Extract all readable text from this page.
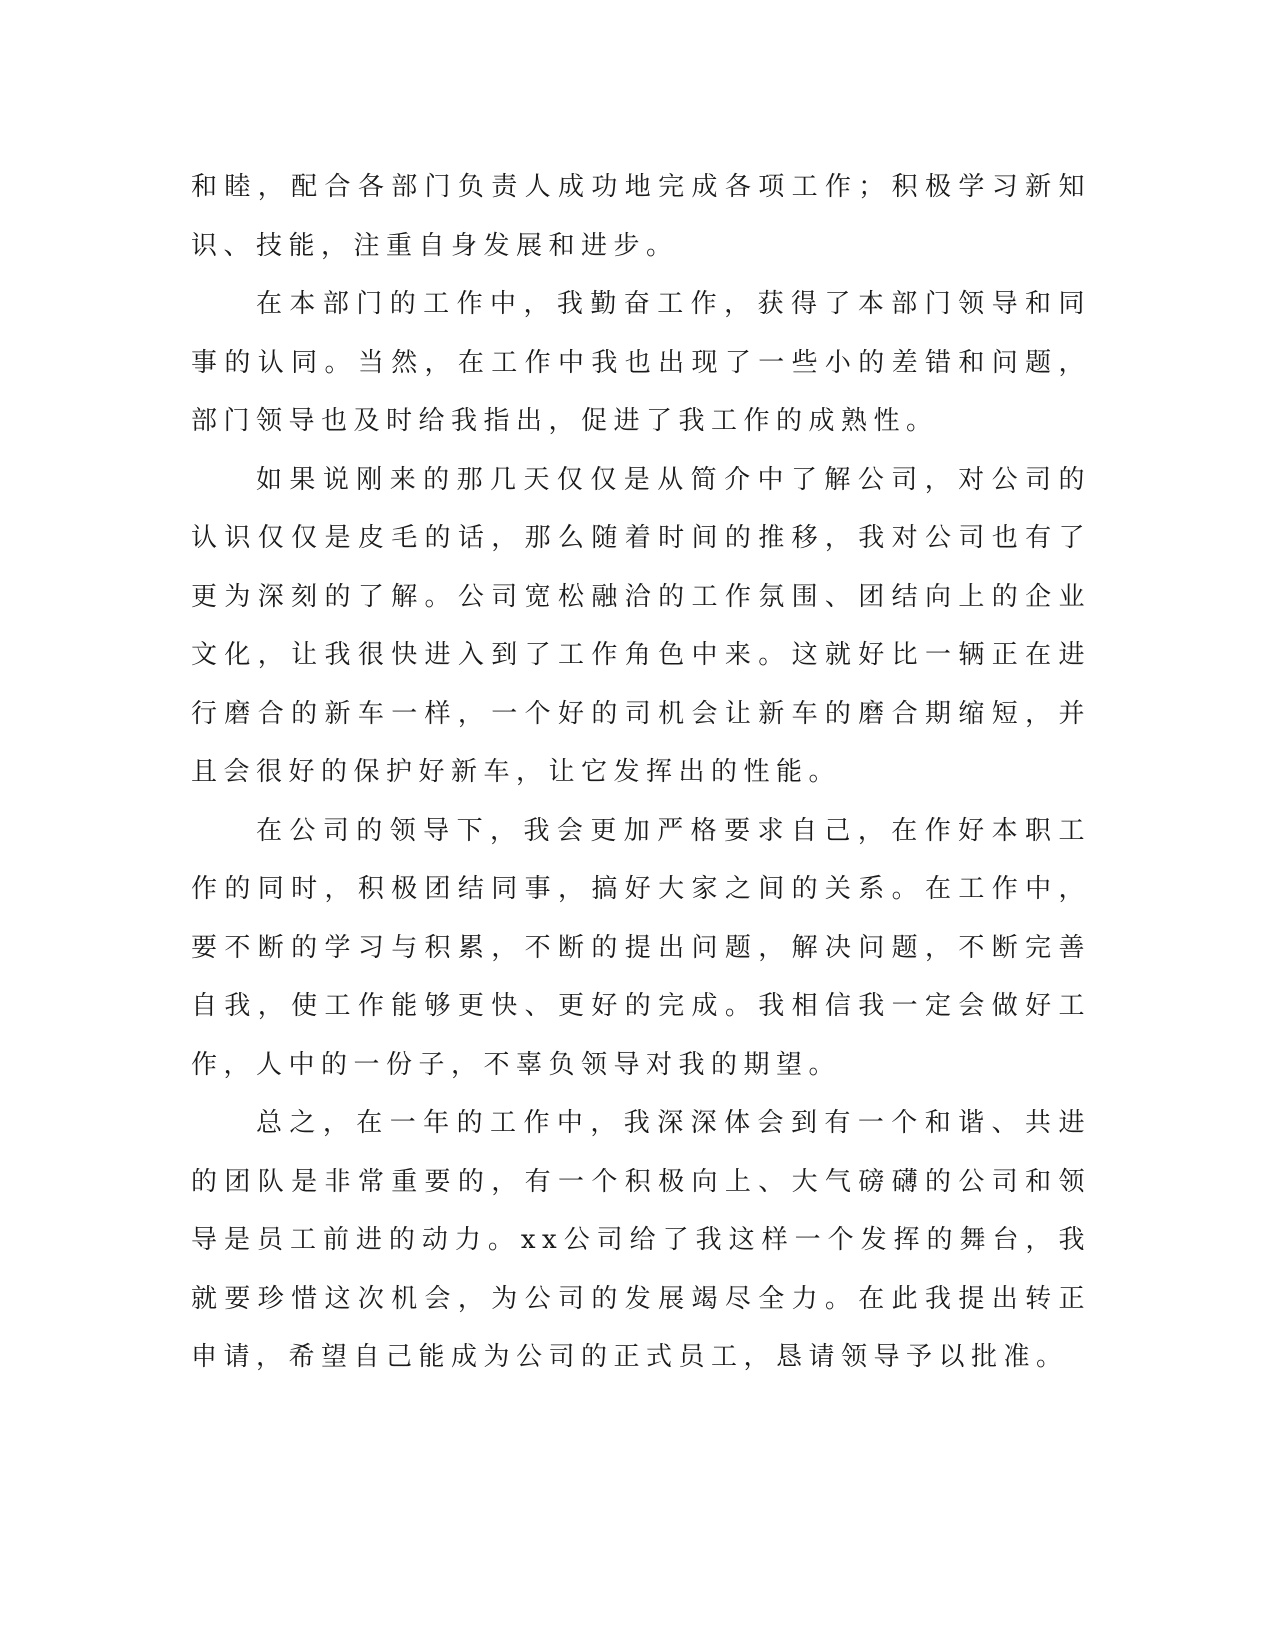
和睦，配合各部门负责人成功地完成各项工作；积极学习新知识、技能，注重自身发展和进步。

在本部门的工作中，我勤奋工作，获得了本部门领导和同事的认同。当然，在工作中我也出现了一些小的差错和问题，部门领导也及时给我指出，促进了我工作的成熟性。

如果说刚来的那几天仅仅是从简介中了解公司，对公司的认识仅仅是皮毛的话，那么随着时间的推移，我对公司也有了更为深刻的了解。公司宽松融洽的工作氛围、团结向上的企业文化，让我很快进入到了工作角色中来。这就好比一辆正在进行磨合的新车一样，一个好的司机会让新车的磨合期缩短，并且会很好的保护好新车，让它发挥出的性能。

在公司的领导下，我会更加严格要求自己，在作好本职工作的同时，积极团结同事，搞好大家之间的关系。在工作中，要不断的学习与积累，不断的提出问题，解决问题，不断完善自我，使工作能够更快、更好的完成。我相信我一定会做好工作，人中的一份子，不辜负领导对我的期望。

总之，在一年的工作中，我深深体会到有一个和谐、共进的团队是非常重要的，有一个积极向上、大气磅礴的公司和领导是员工前进的动力。xx公司给了我这样一个发挥的舞台，我就要珍惜这次机会，为公司的发展竭尽全力。在此我提出转正申请，希望自己能成为公司的正式员工，恳请领导予以批准。
